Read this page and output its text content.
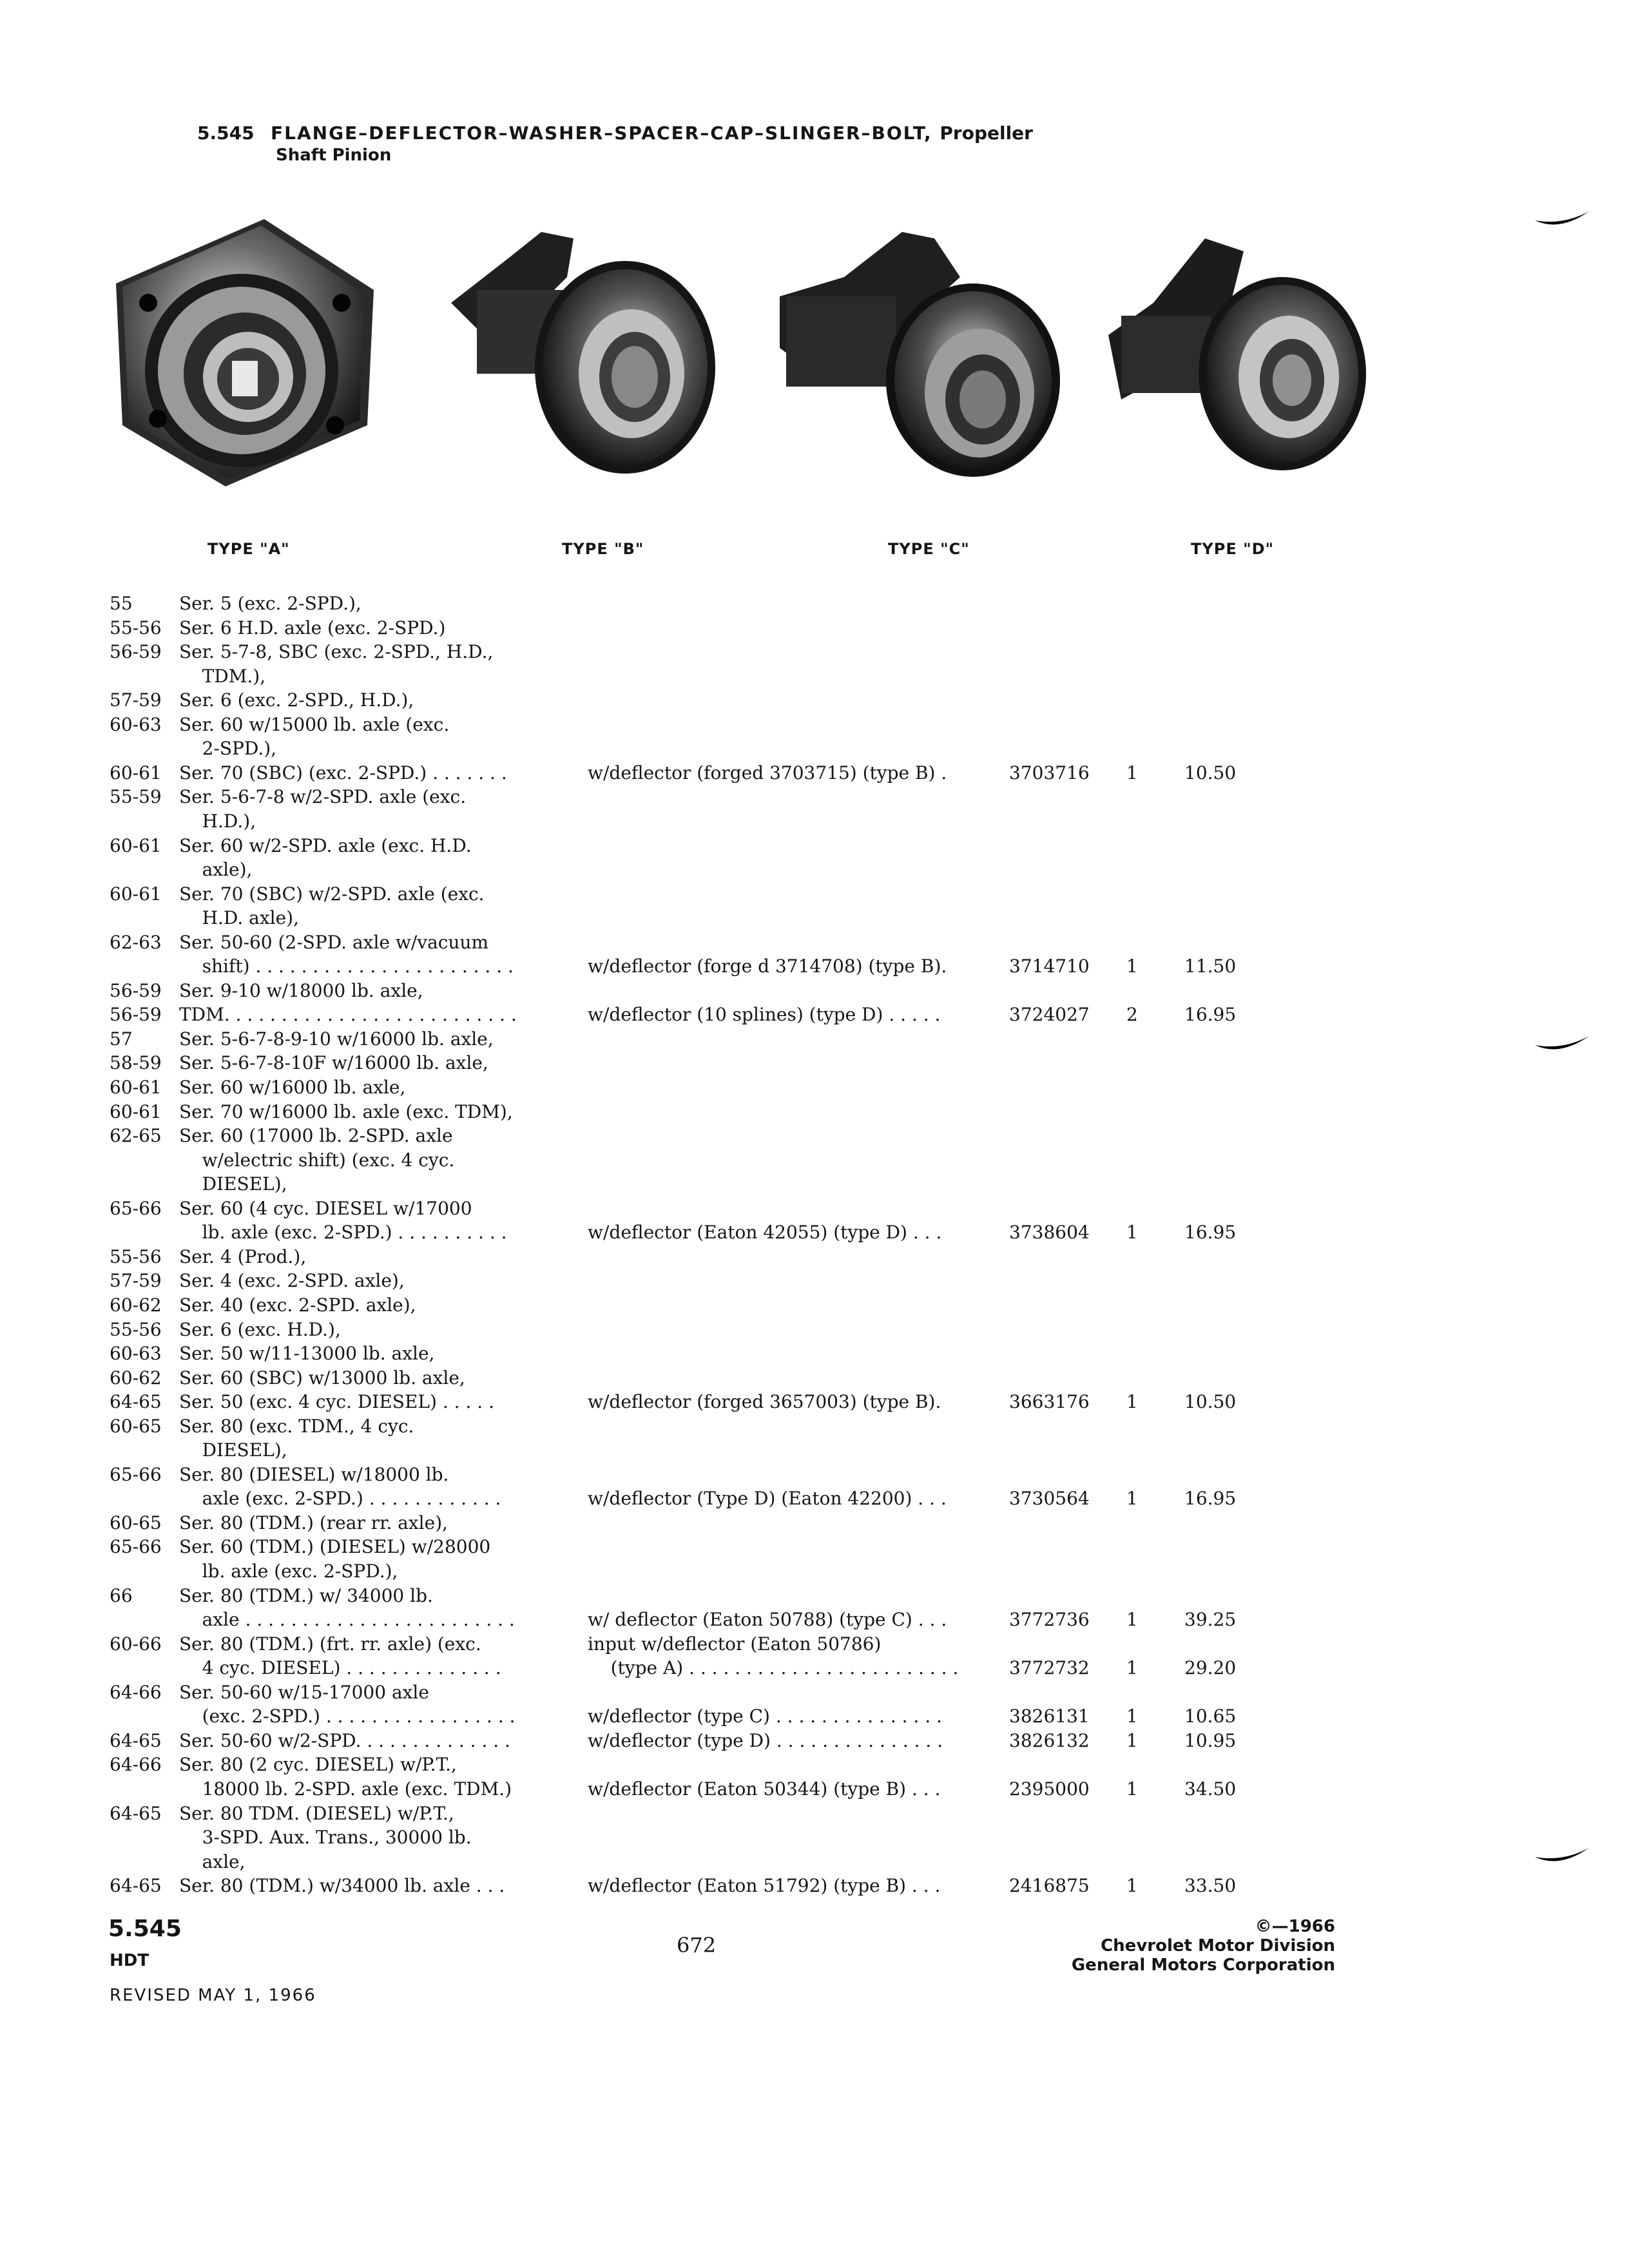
5.545 FLANGE–DEFLECTOR–WASHER–SPACER–CAP–SLINGER–BOLT, Propeller
Shaft Pinion
TYPE "A"	TYPE "B"	TYPE "C"	TYPE "D"
55	Ser. 5 (exc. 2-SPD.),
55-56 Ser. 6 H.D. axle (exc. 2-SPD.)
56-59 Ser. 5-7-8, SBC (exc. 2-SPD., H.D.,
TDM.),
57-59 Ser. 6 (exc. 2-SPD., H.D.),
60-63 Ser. 60 w/15000 lb. axle (exc.
2-SPD.),
60-61 Ser. 70 (SBC) (exc. 2-SPD.) . . . . . . .	w/deflector (forged 3703715) (type B) .	3703716 1	10.50
55-59 Ser. 5-6-7-8 w/2-SPD. axle (exc.
H.D.),
60-61 Ser. 60 w/2-SPD. axle (exc. H.D.
axle),
60-61 Ser. 70 (SBC) w/2-SPD. axle (exc.
H.D. axle),
62-63 Ser. 50-60 (2-SPD. axle w/vacuum
shift) . . . . . . . . . . . . . . . . . . . . . . .	w/deflector (forge d 3714708) (type B).	3714710 1	11.50
56-59 Ser. 9-10 w/18000 lb. axle,
56-59 TDM. . . . . . . . . . . . . . . . . . . . . . . . . .	w/deflector (10 splines) (type D) . . . . .	3724027 2	16.95
57	Ser. 5-6-7-8-9-10 w/16000 lb. axle,
58-59 Ser. 5-6-7-8-10F w/16000 lb. axle,
60-61 Ser. 60 w/16000 lb. axle,
60-61 Ser. 70 w/16000 lb. axle (exc. TDM),
62-65 Ser. 60 (17000 lb. 2-SPD. axle
w/electric shift) (exc. 4 cyc.
DIESEL),
65-66 Ser. 60 (4 cyc. DIESEL w/17000
lb. axle (exc. 2-SPD.) . . . . . . . . . .	w/deflector (Eaton 42055) (type D) . . .	3738604 1	16.95
55-56 Ser. 4 (Prod.),
57-59 Ser. 4 (exc. 2-SPD. axle),
60-62 Ser. 40 (exc. 2-SPD. axle),
55-56 Ser. 6 (exc. H.D.),
60-63 Ser. 50 w/11-13000 lb. axle,
60-62 Ser. 60 (SBC) w/13000 lb. axle,
64-65 Ser. 50 (exc. 4 cyc. DIESEL) . . . . .	w/deflector (forged 3657003) (type B).	3663176 1	10.50
60-65 Ser. 80 (exc. TDM., 4 cyc.
DIESEL),
65-66 Ser. 80 (DIESEL) w/18000 lb.
axle (exc. 2-SPD.) . . . . . . . . . . . .	w/deflector (Type D) (Eaton 42200) . . .	3730564 1	16.95
60-65 Ser. 80 (TDM.) (rear rr. axle),
65-66 Ser. 60 (TDM.) (DIESEL) w/28000
lb. axle (exc. 2-SPD.),
66	Ser. 80 (TDM.) w/ 34000 lb.
axle . . . . . . . . . . . . . . . . . . . . . . . .	w/ deflector (Eaton 50788) (type C) . . .	3772736 1	39.25
60-66 Ser. 80 (TDM.) (frt. rr. axle) (exc.	input w/deflector (Eaton 50786)
4 cyc. DIESEL) . . . . . . . . . . . . . .	(type A) . . . . . . . . . . . . . . . . . . . . . . . .	3772732 1	29.20
64-66 Ser. 50-60 w/15-17000 axle
(exc. 2-SPD.) . . . . . . . . . . . . . . . . .	w/deflector (type C) . . . . . . . . . . . . . . .	3826131 1	10.65
64-65 Ser. 50-60 w/2-SPD. . . . . . . . . . . . . .	w/deflector (type D) . . . . . . . . . . . . . . .	3826132 1	10.95
64-66 Ser. 80 (2 cyc. DIESEL) w/P.T.,
18000 lb. 2-SPD. axle (exc. TDM.)	w/deflector (Eaton 50344) (type B) . . .	2395000 1	34.50
64-65 Ser. 80 TDM. (DIESEL) w/P.T.,
3-SPD. Aux. Trans., 30000 lb.
axle,
64-65 Ser. 80 (TDM.) w/34000 lb. axle . . .	w/deflector (Eaton 51792) (type B) . . .	2416875 1	33.50
5.545
HDT
REVISED MAY 1, 1966
672
©—1966
Chevrolet Motor Division
General Motors Corporation
